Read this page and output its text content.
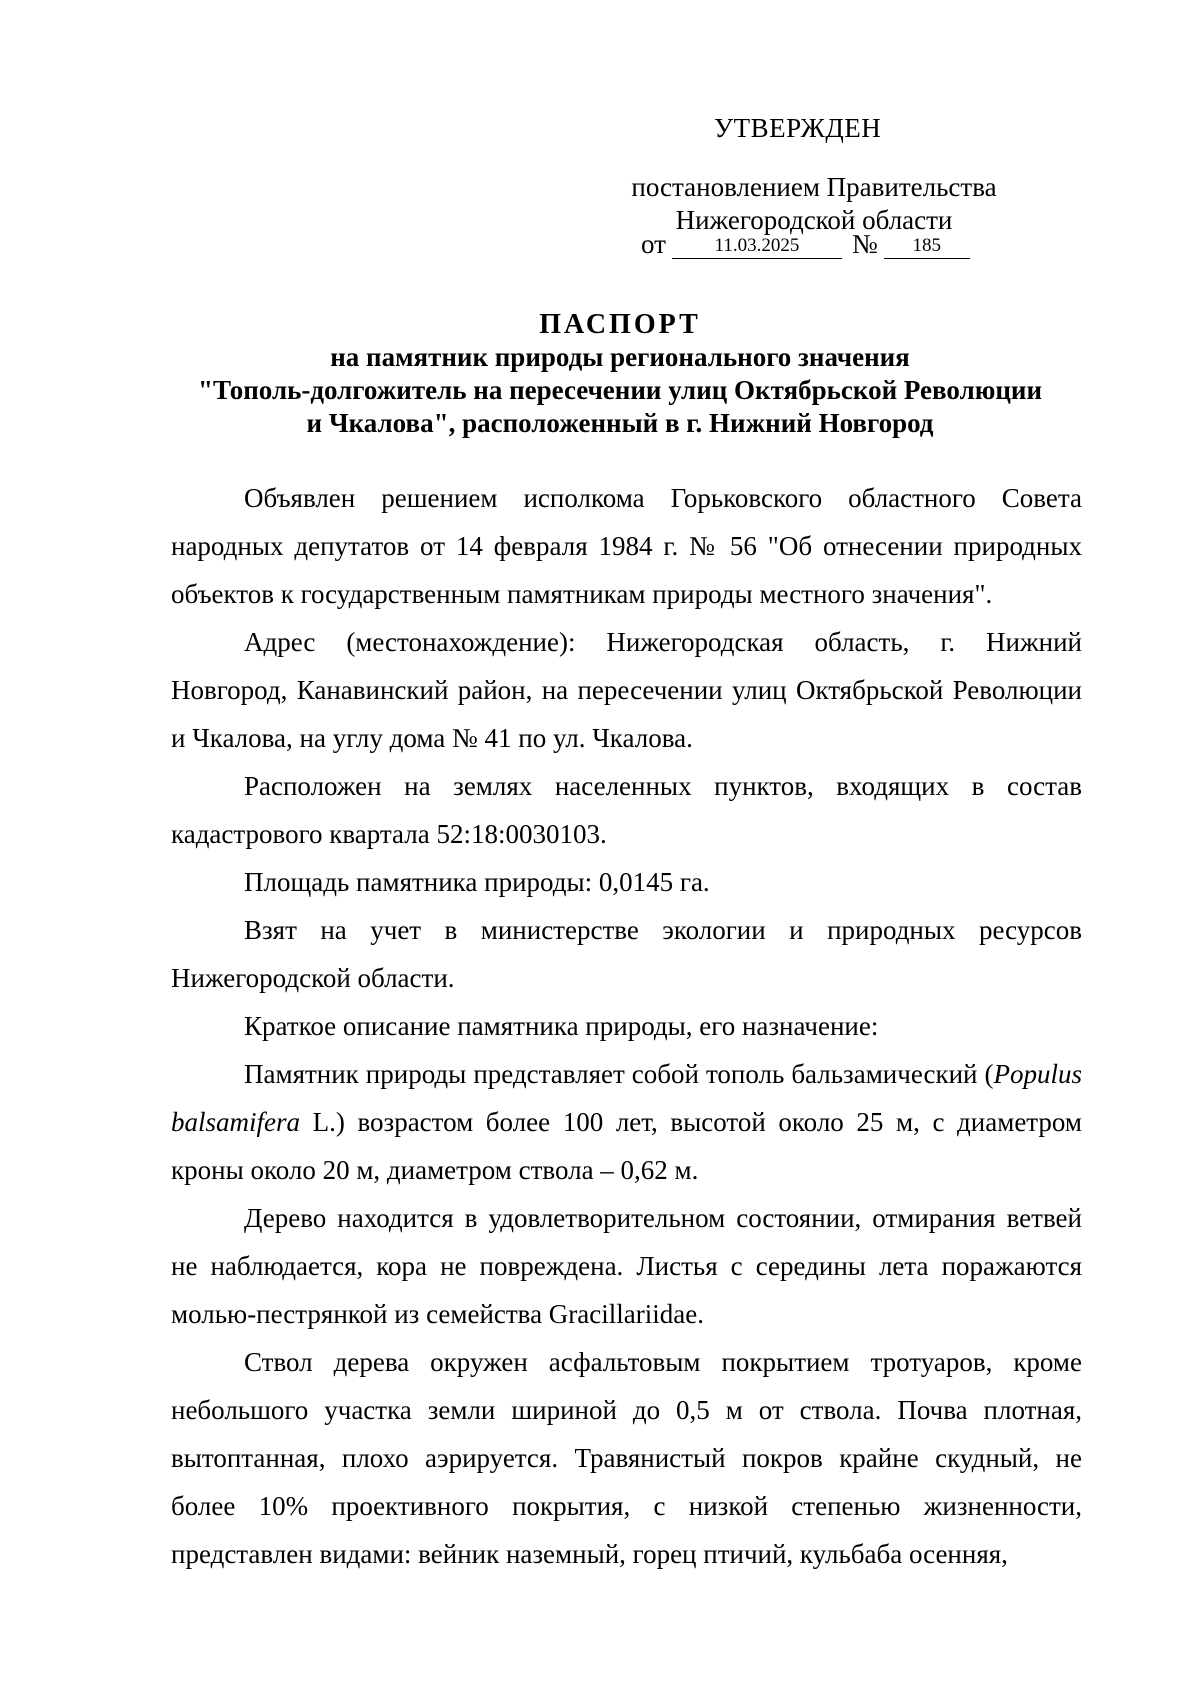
УТВЕРЖДЕН
постановлением Правительства
Нижегородской области
от	11.03.2025 № 185
ПАСПОРТ
на памятник природы регионального значения
"Тополь-долгожитель на пересечении улиц Октябрьской Революции
и Чкалова", расположенный в г. Нижний Новгород

Объявлен решением исполкома Горьковского областного Совета народных депутатов от 14 февраля 1984 г. № 56 "Об отнесении природных объектов к государственным памятникам природы местного значения".

Адрес (местонахождение): Нижегородская область, г. Нижний Новгород, Канавинский район, на пересечении улиц Октябрьской Революции и Чкалова, на углу дома № 41 по ул. Чкалова.

Расположен на землях населенных пунктов, входящих в состав кадастрового квартала 52:18:0030103.

Площадь памятника природы: 0,0145 га.

Взят на учет в министерстве экологии и природных ресурсов Нижегородской области.

Краткое описание памятника природы, его назначение:

Памятник природы представляет собой тополь бальзамический (Populus balsamifera L.) возрастом более 100 лет, высотой около 25 м, с диаметром кроны около 20 м, диаметром ствола – 0,62 м.

Дерево находится в удовлетворительном состоянии, отмирания ветвей не наблюдается, кора не повреждена. Листья с середины лета поражаются молью-пестрянкой из семейства Gracillariidae.

Ствол дерева окружен асфальтовым покрытием тротуаров, кроме небольшого участка земли шириной до 0,5 м от ствола. Почва плотная, вытоптанная, плохо аэрируется. Травянистый покров крайне скудный, не более 10% проективного покрытия, с низкой степенью жизненности, представлен видами: вейник наземный, горец птичий, кульбаба осенняя,
